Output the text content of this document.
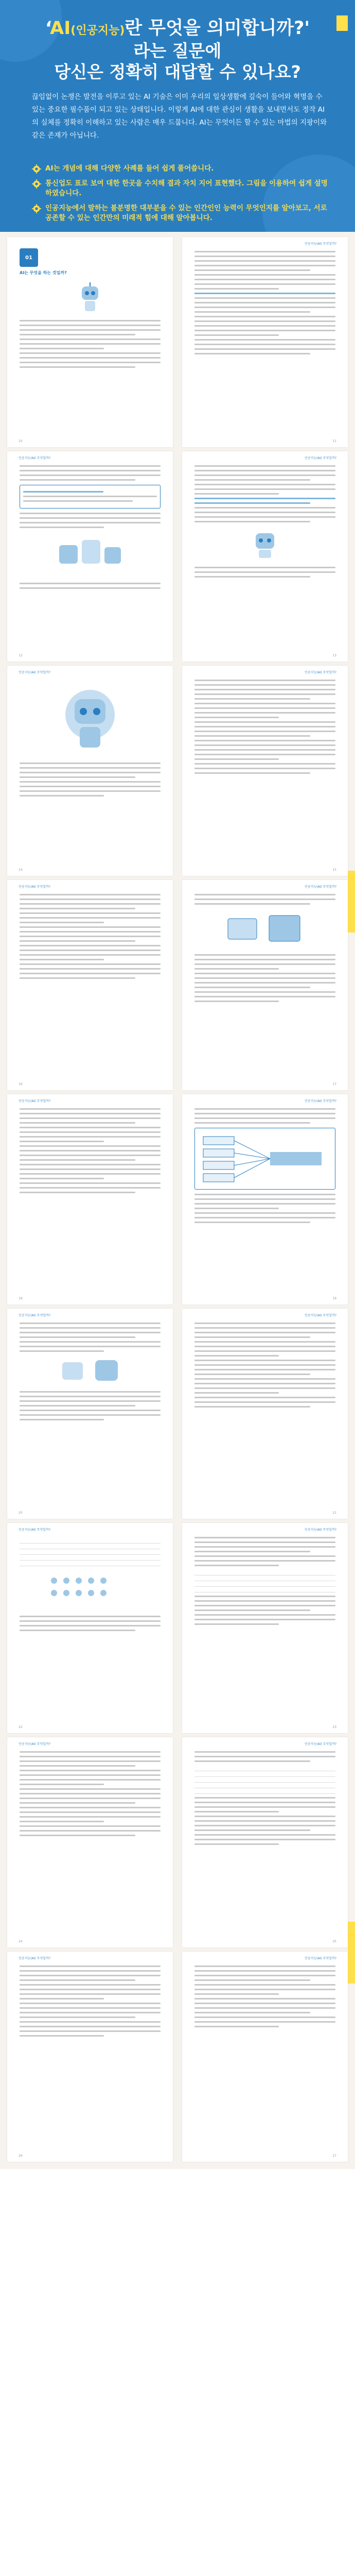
‘AI(인공지능)란 무엇을 의미합니까?'
라는 질문에
당신은 정확히 대답할 수 있나요?

끊임없이 논쟁은 발전을 이루고 있는 AI 기술은 이미 우리의 일상생활에 깊숙이 들어와 혁명을 수 있는 중요한 필수품이 되고 있는 상태입니다. 이렇게 AI에 대한 관심이 생활을 보내면서도 정작 AI의 실체를 정확히 이해하고 있는 사람은 매우 드뭅니다. AI는 무엇이든 할 수 있는 마법의 지팡이와 같은 존재가 아닙니다.

AI는 개념에 대해 다양한 사례를 들어 쉽게 풀어씁니다.
통신업도 표로 보여 대한 한곳을 수치해 결과 자치 지어 표현했다. 그림을 이용하여 쉽게 설명하였습니다.
인공지능에서 말하는 불분명한 대부분을 수 있는 인간인인 능력이 무엇인지를 알아보고, 서로 공존할 수 있는 인간만의 미래적 힘에 대해 알아봅니다.
01
AI는 무엇을 하는 것일까?
10
인공지능(AI) 무엇일까?
11
인공지능(AI) 무엇일까?
12
인공지능(AI) 무엇일까?
13
인공지능(AI) 무엇일까?
14
인공지능(AI) 무엇일까?
15
인공지능(AI) 무엇일까?
16
인공지능(AI) 무엇일까?
17
인공지능(AI) 무엇일까?
18
인공지능(AI) 무엇일까?
19
인공지능(AI) 무엇일까?
20
인공지능(AI) 무엇일까?
21
인공지능(AI) 무엇일까?

22
인공지능(AI) 무엇일까?

23
인공지능(AI) 무엇일까?
24
인공지능(AI) 무엇일까?

25
인공지능(AI) 무엇일까?
26
인공지능(AI) 무엇일까?
27
